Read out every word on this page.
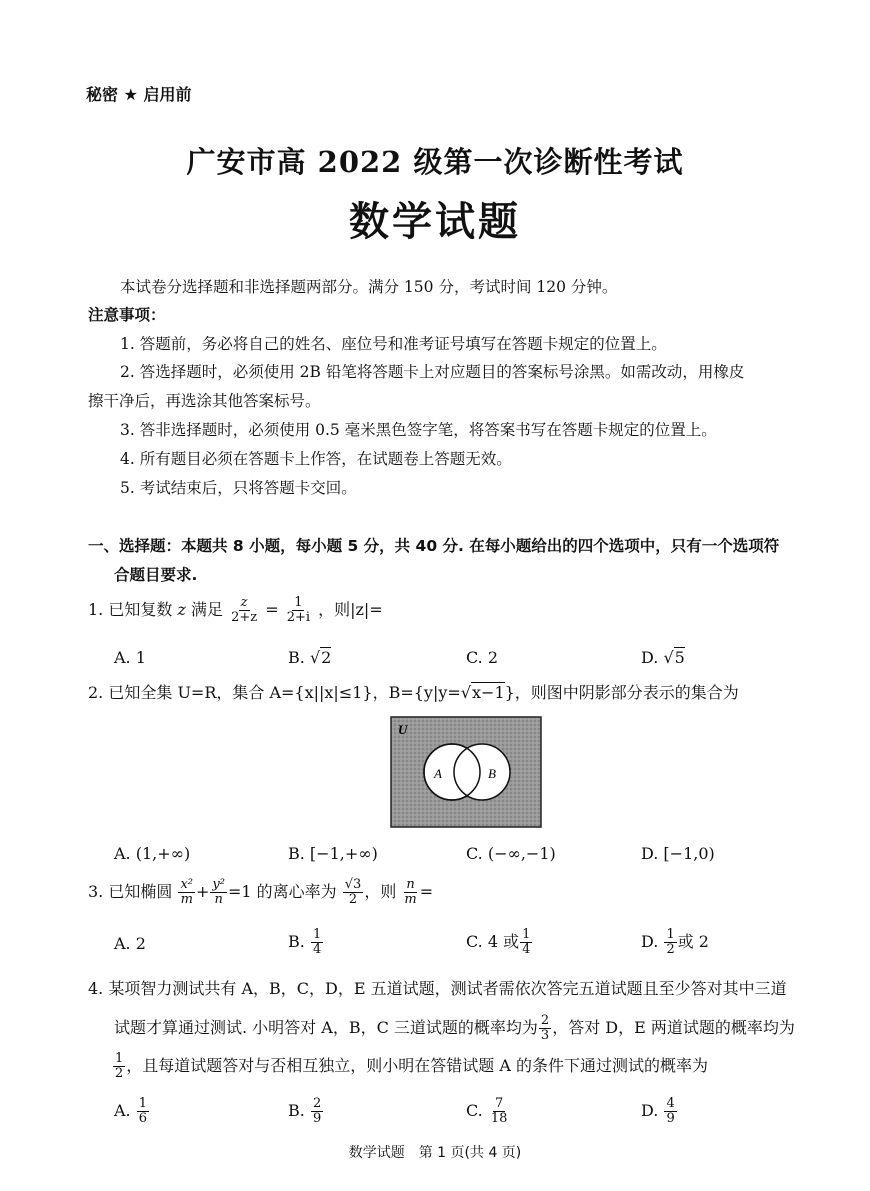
秘密 ★ 启用前
广安市高 2022 级第一次诊断性考试
数学试题
本试卷分选择题和非选择题两部分。满分 150 分，考试时间 120 分钟。
注意事项：
1. 答题前，务必将自己的姓名、座位号和准考证号填写在答题卡规定的位置上。
2. 答选择题时，必须使用 2B 铅笔将答题卡上对应题目的答案标号涂黑。如需改动，用橡皮
擦干净后，再选涂其他答案标号。
3. 答非选择题时，必须使用 0.5 毫米黑色签字笔，将答案书写在答题卡规定的位置上。
4. 所有题目必须在答题卡上作答，在试题卷上答题无效。
5. 考试结束后，只将答题卡交回。
一、选择题：本题共 8 小题，每小题 5 分，共 40 分. 在每小题给出的四个选项中，只有一个选项符
合题目要求.
1. 已知复数 z 满足 $\frac{z}{2+z} = \frac{1}{2+i}$ ，则|z|=
A. 1	B. √2	C. 2	D. √5
2. 已知全集 U=R，集合 A={x||x|≤1}，B={y|y=√x−1}，则图中阴影部分表示的集合为
U
A	B
A. (1,+∞)	B. [−1,+∞)	C. (−∞,−1)	D. [−1,0)
3. 已知椭圆 $\frac{\text{x²}}{m} + \frac{\text{y²}}{n} =1$ 的离心率为 $\frac{√3}{2}$ ，则 $\frac{n}{m}$ =
A. 2	B. $\frac{1}{4}$	C. 4 或 $\frac{1}{4}$	D. $\frac{1}{2}$ 或 2
4. 某项智力测试共有 A，B，C，D，E 五道试题，测试者需依次答完五道试题且至少答对其中三道
试题才算通过测试. 小明答对 A，B，C 三道试题的概率均为 $\frac{2}{3}$ ，答对 D，E 两道试题的概率均为
$\frac{1}{2}$ ，且每道试题答对与否相互独立，则小明在答错试题 A 的条件下通过测试的概率为
A. $\frac{1}{6}$	B. $\frac{2}{9}$	C. $\frac{7}{18}$	D. $\frac{4}{9}$
数学试题　第 1 页(共 4 页)
